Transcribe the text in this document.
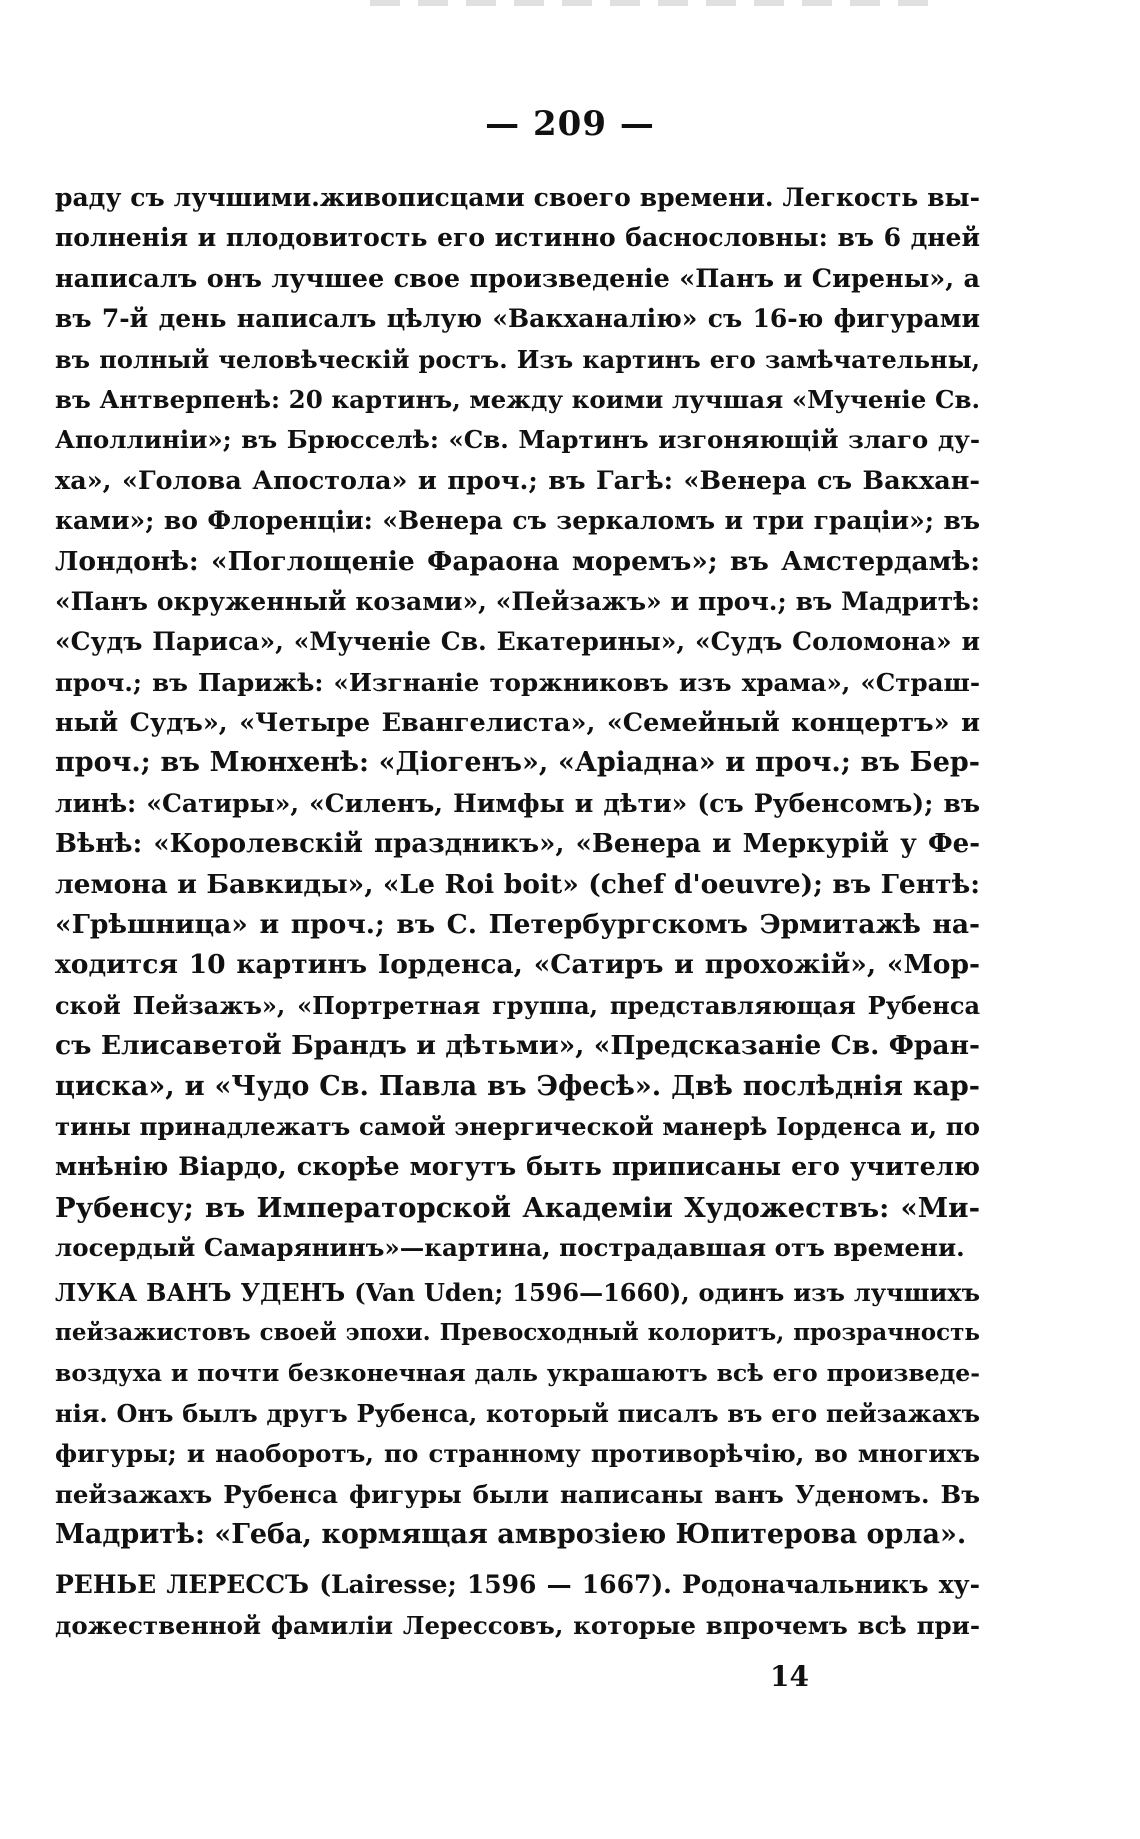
— 209 —
раду съ лучшими.живописцами своего времени. Легкость вы-
полненія и плодовитость его истинно баснословны: въ 6 дней
написалъ онъ лучшее свое произведеніе «Панъ и Сирены», а
въ 7-й день написалъ цѣлую «Вакханалію» съ 16-ю фигурами
въ полный человѣческій ростъ. Изъ картинъ его замѣчательны,
въ Антверпенѣ: 20 картинъ, между коими лучшая «Мученіе Св.
Аполлиніи»; въ Брюсселѣ: «Св. Мартинъ изгоняющій злаго ду-
ха», «Голова Апостола» и проч.; въ Гагѣ: «Венера съ Вакхан-
ками»; во Флоренціи: «Венера съ зеркаломъ и три граціи»; въ
Лондонѣ: «Поглощеніе Фараона моремъ»; въ Амстердамѣ:
«Панъ окруженный козами», «Пейзажъ» и проч.; въ Мадритѣ:
«Судъ Париса», «Мученіе Св. Екатерины», «Судъ Соломона» и
проч.; въ Парижѣ: «Изгнаніе торжниковъ изъ храма», «Страш-
ный Судъ», «Четыре Евангелиста», «Семейный концертъ» и
проч.; въ Мюнхенѣ: «Діогенъ», «Аріадна» и проч.; въ Бер-
линѣ: «Сатиры», «Силенъ, Нимфы и дѣти» (съ Рубенсомъ); въ
Вѣнѣ: «Королевскій праздникъ», «Венера и Меркурій у Фе-
лемона и Бавкиды», «Le Roi boit» (chef d'oeuvre); въ Гентѣ:
«Грѣшница» и проч.; въ С. Петербургскомъ Эрмитажѣ на-
ходится 10 картинъ Іорденса, «Сатиръ и прохожій», «Мор-
ской Пейзажъ», «Портретная группа, представляющая Рубенса
съ Елисаветой Брандъ и дѣтьми», «Предсказаніе Св. Фран-
циска», и «Чудо Св. Павла въ Эфесѣ». Двѣ послѣднія кар-
тины принадлежатъ самой энергической манерѣ Іорденса и, по
мнѣнію Віардо, скорѣе могутъ быть приписаны его учителю
Рубенсу; въ Императорской Академіи Художествъ: «Ми-
лосердый Самарянинъ»—картина, пострадавшая отъ времени.
ЛУКА ВАНЪ УДЕНЪ (Van Uden; 1596—1660), одинъ изъ лучшихъ
пейзажистовъ своей эпохи. Превосходный колоритъ, прозрачность
воздуха и почти безконечная даль украшаютъ всѣ его произведе-
нія. Онъ былъ другъ Рубенса, который писалъ въ его пейзажахъ
фигуры; и наоборотъ, по странному противорѣчію, во многихъ
пейзажахъ Рубенса фигуры были написаны ванъ Уденомъ. Въ
Мадритѣ: «Геба, кормящая амврозіею Юпитерова орла».
РЕНЬЕ ЛЕРЕССЪ (Lairesse; 1596 — 1667). Родоначальникъ ху-
дожественной фамиліи Лерессовъ, которые впрочемъ всѣ при-
14
